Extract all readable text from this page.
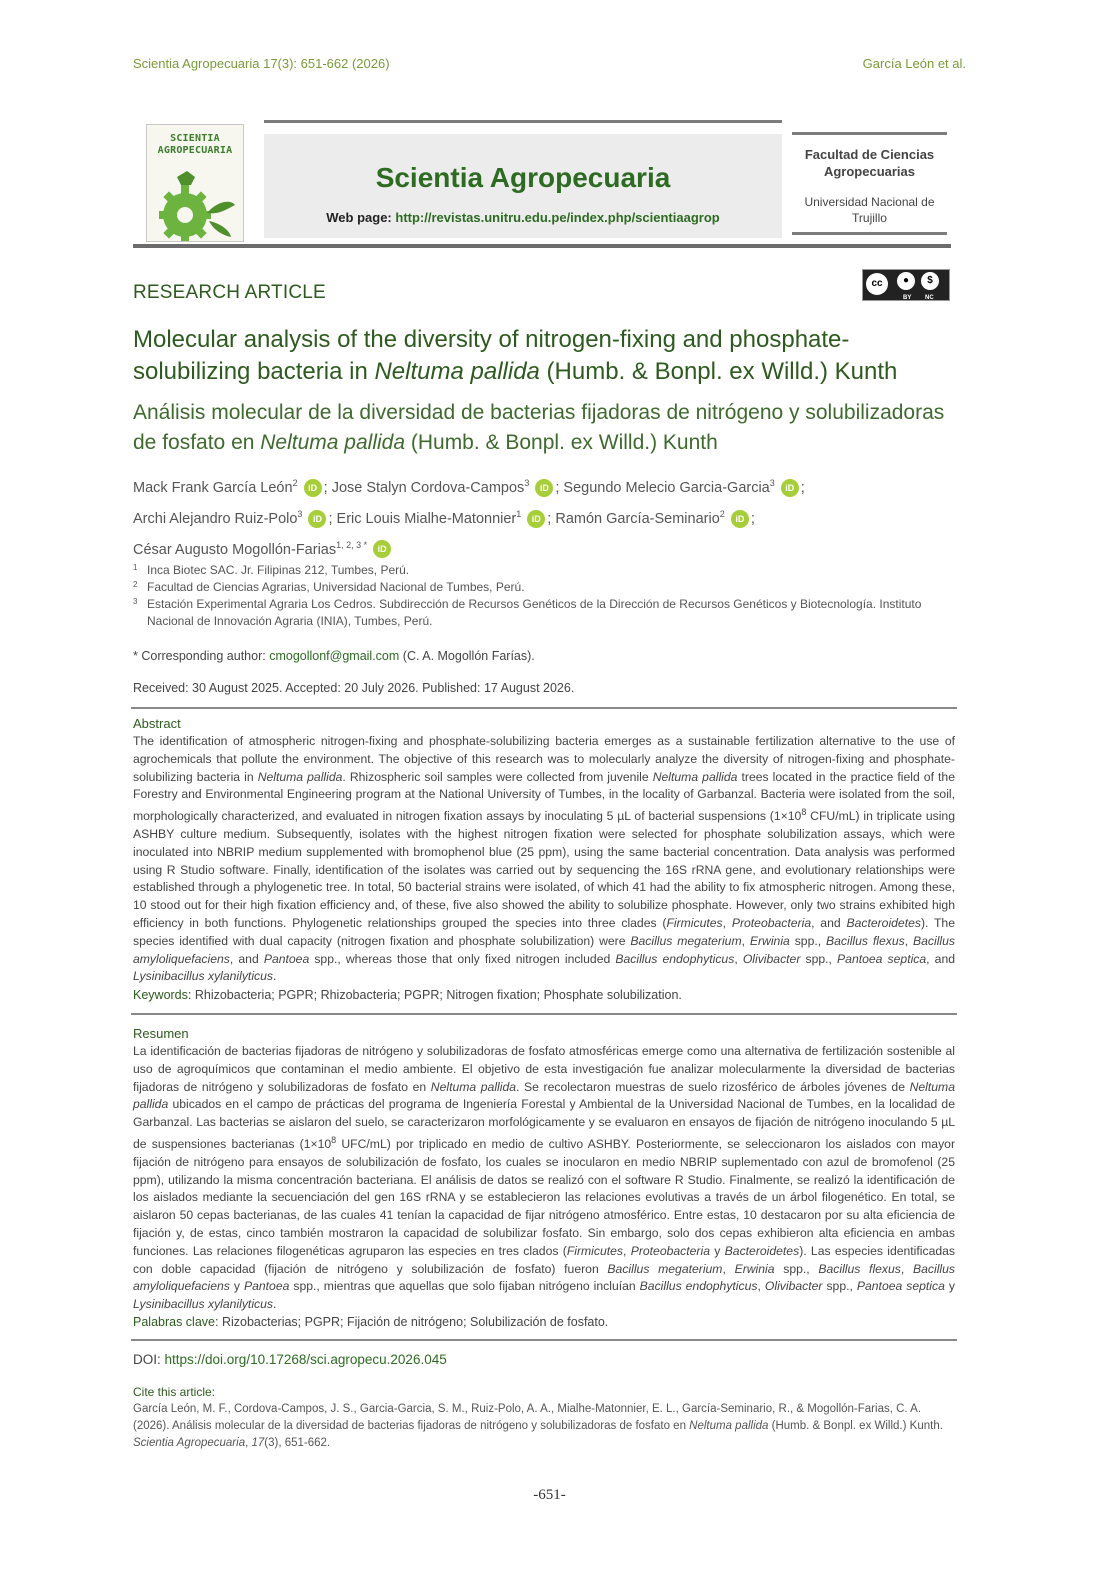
Scientia Agropecuaria 17(3): 651-662 (2026)	García León et al.
SCIENTIA
AGROPECUARIA
Scientia Agropecuaria
Web page: http://revistas.unitru.edu.pe/index.php/scientiaagrop
Facultad de Ciencias
Agropecuarias
Universidad Nacional de
Trujillo
RESEARCH ARTICLE	cc	●	$
BY NC
Molecular analysis of the diversity of nitrogen-fixing and phosphate-solubilizing bacteria in Neltuma pallida (Humb. & Bonpl. ex Willd.) Kunth
Análisis molecular de la diversidad de bacterias fijadoras de nitrógeno y solubilizadoras de fosfato en Neltuma pallida (Humb. & Bonpl. ex Willd.) Kunth
Mack Frank García León$^2$ iD ; Jose Stalyn Cordova-Campos$^3$ iD ; Segundo Melecio Garcia-Garcia$^3$ iD ;
Archi Alejandro Ruiz-Polo$^3$ iD ; Eric Louis Mialhe-Matonnier$^1$ iD ; Ramón García-Seminario$^2$ iD ;
César Augusto Mogollón-Farias$^{1, 2, 3 *}$ iD
1 Inca Biotec SAC. Jr. Filipinas 212, Tumbes, Perú.
2 Facultad de Ciencias Agrarias, Universidad Nacional de Tumbes, Perú.
3 Estación Experimental Agraria Los Cedros. Subdirección de Recursos Genéticos de la Dirección de Recursos Genéticos y Biotecnología. Instituto Nacional de Innovación Agraria (INIA), Tumbes, Perú.
* Corresponding author: cmogollonf@gmail.com (C. A. Mogollón Farías).
Received: 30 August 2025. Accepted: 20 July 2026. Published: 17 August 2026.
Abstract
The identification of atmospheric nitrogen-fixing and phosphate-solubilizing bacteria emerges as a sustainable fertilization alternative to the use of agrochemicals that pollute the environment. The objective of this research was to molecularly analyze the diversity of nitrogen-fixing and phosphate-solubilizing bacteria in Neltuma pallida. Rhizospheric soil samples were collected from juvenile Neltuma pallida trees located in the practice field of the Forestry and Environmental Engineering program at the National University of Tumbes, in the locality of Garbanzal. Bacteria were isolated from the soil, morphologically characterized, and evaluated in nitrogen fixation assays by inoculating 5 µL of bacterial suspensions ($1\times 10^8$ CFU/mL) in triplicate using ASHBY culture medium. Subsequently, isolates with the highest nitrogen fixation were selected for phosphate solubilization assays, which were inoculated into NBRIP medium supplemented with bromophenol blue (25 ppm), using the same bacterial concentration. Data analysis was performed using R Studio software. Finally, identification of the isolates was carried out by sequencing the 16S rRNA gene, and evolutionary relationships were established through a phylogenetic tree. In total, 50 bacterial strains were isolated, of which 41 had the ability to fix atmospheric nitrogen. Among these, 10 stood out for their high fixation efficiency and, of these, five also showed the ability to solubilize phosphate. However, only two strains exhibited high efficiency in both functions. Phylogenetic relationships grouped the species into three clades (Firmicutes, Proteobacteria, and Bacteroidetes). The species identified with dual capacity (nitrogen fixation and phosphate solubilization) were Bacillus megaterium, Erwinia spp., Bacillus flexus, Bacillus amyloliquefaciens, and Pantoea spp., whereas those that only fixed nitrogen included Bacillus endophyticus, Olivibacter spp., Pantoea septica, and Lysinibacillus xylanilyticus.
Keywords: Rhizobacteria; PGPR; Rhizobacteria; PGPR; Nitrogen fixation; Phosphate solubilization.
Resumen
La identificación de bacterias fijadoras de nitrógeno y solubilizadoras de fosfato atmosféricas emerge como una alternativa de fertilización sostenible al uso de agroquímicos que contaminan el medio ambiente. El objetivo de esta investigación fue analizar molecularmente la diversidad de bacterias fijadoras de nitrógeno y solubilizadoras de fosfato en Neltuma pallida. Se recolectaron muestras de suelo rizosférico de árboles jóvenes de Neltuma pallida ubicados en el campo de prácticas del programa de Ingeniería Forestal y Ambiental de la Universidad Nacional de Tumbes, en la localidad de Garbanzal. Las bacterias se aislaron del suelo, se caracterizaron morfológicamente y se evaluaron en ensayos de fijación de nitrógeno inoculando 5 µL de suspensiones bacterianas ($1\times 10^8$ UFC/mL) por triplicado en medio de cultivo ASHBY. Posteriormente, se seleccionaron los aislados con mayor fijación de nitrógeno para ensayos de solubilización de fosfato, los cuales se inocularon en medio NBRIP suplementado con azul de bromofenol (25 ppm), utilizando la misma concentración bacteriana. El análisis de datos se realizó con el software R Studio. Finalmente, se realizó la identificación de los aislados mediante la secuenciación del gen 16S rRNA y se establecieron las relaciones evolutivas a través de un árbol filogenético. En total, se aislaron 50 cepas bacterianas, de las cuales 41 tenían la capacidad de fijar nitrógeno atmosférico. Entre estas, 10 destacaron por su alta eficiencia de fijación y, de estas, cinco también mostraron la capacidad de solubilizar fosfato. Sin embargo, solo dos cepas exhibieron alta eficiencia en ambas funciones. Las relaciones filogenéticas agruparon las especies en tres clados (Firmicutes, Proteobacteria y Bacteroidetes). Las especies identificadas con doble capacidad (fijación de nitrógeno y solubilización de fosfato) fueron Bacillus megaterium, Erwinia spp., Bacillus flexus, Bacillus amyloliquefaciens y Pantoea spp., mientras que aquellas que solo fijaban nitrógeno incluían Bacillus endophyticus, Olivibacter spp., Pantoea septica y Lysinibacillus xylanilyticus.
Palabras clave: Rizobacterias; PGPR; Fijación de nitrógeno; Solubilización de fosfato.
DOI: https://doi.org/10.17268/sci.agropecu.2026.045
Cite this article:
García León, M. F., Cordova-Campos, J. S., Garcia-Garcia, S. M., Ruiz-Polo, A. A., Mialhe-Matonnier, E. L., García-Seminario, R., & Mogollón-Farias, C. A. (2026). Análisis molecular de la diversidad de bacterias fijadoras de nitrógeno y solubilizadoras de fosfato en Neltuma pallida (Humb. & Bonpl. ex Willd.) Kunth. Scientia Agropecuaria, 17(3), 651-662.
-651-
